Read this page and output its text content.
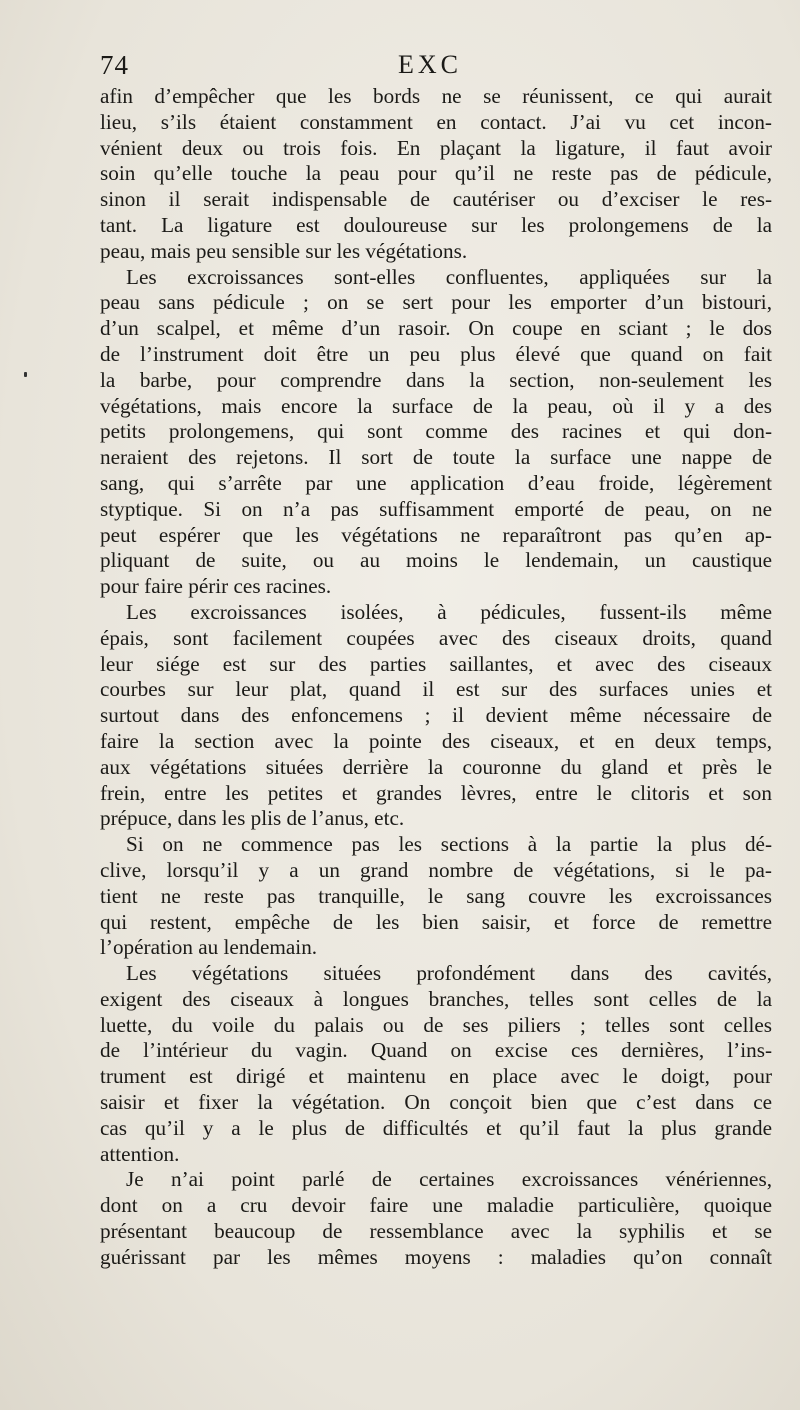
74	EXC
afin d’empêcher que les bords ne se réunissent, ce qui aurait
lieu, s’ils étaient constamment en contact. J’ai vu cet incon-
vénient deux ou trois fois. En plaçant la ligature, il faut avoir
soin qu’elle touche la peau pour qu’il ne reste pas de pédicule,
sinon il serait indispensable de cautériser ou d’exciser le res-
tant. La ligature est douloureuse sur les prolongemens de la
peau, mais peu sensible sur les végétations.
Les excroissances sont-elles confluentes, appliquées sur la
peau sans pédicule ; on se sert pour les emporter d’un bistouri,
d’un scalpel, et même d’un rasoir. On coupe en sciant ; le dos
de l’instrument doit être un peu plus élevé que quand on fait
la barbe, pour comprendre dans la section, non-seulement les
végétations, mais encore la surface de la peau, où il y a des
petits prolongemens, qui sont comme des racines et qui don-
neraient des rejetons. Il sort de toute la surface une nappe de
sang, qui s’arrête par une application d’eau froide, légèrement
styptique. Si on n’a pas suffisamment emporté de peau, on ne
peut espérer que les végétations ne reparaîtront pas qu’en ap-
pliquant de suite, ou au moins le lendemain, un caustique
pour faire périr ces racines.
Les excroissances isolées, à pédicules, fussent-ils même
épais, sont facilement coupées avec des ciseaux droits, quand
leur siége est sur des parties saillantes, et avec des ciseaux
courbes sur leur plat, quand il est sur des surfaces unies et
surtout dans des enfoncemens ; il devient même nécessaire de
faire la section avec la pointe des ciseaux, et en deux temps,
aux végétations situées derrière la couronne du gland et près le
frein, entre les petites et grandes lèvres, entre le clitoris et son
prépuce, dans les plis de l’anus, etc.
Si on ne commence pas les sections à la partie la plus dé-
clive, lorsqu’il y a un grand nombre de végétations, si le pa-
tient ne reste pas tranquille, le sang couvre les excroissances
qui restent, empêche de les bien saisir, et force de remettre
l’opération au lendemain.
Les végétations situées profondément dans des cavités,
exigent des ciseaux à longues branches, telles sont celles de la
luette, du voile du palais ou de ses piliers ; telles sont celles
de l’intérieur du vagin. Quand on excise ces dernières, l’ins-
trument est dirigé et maintenu en place avec le doigt, pour
saisir et fixer la végétation. On conçoit bien que c’est dans ce
cas qu’il y a le plus de difficultés et qu’il faut la plus grande
attention.
Je n’ai point parlé de certaines excroissances vénériennes,
dont on a cru devoir faire une maladie particulière, quoique
présentant beaucoup de ressemblance avec la syphilis et se
guérissant par les mêmes moyens : maladies qu’on connaît
